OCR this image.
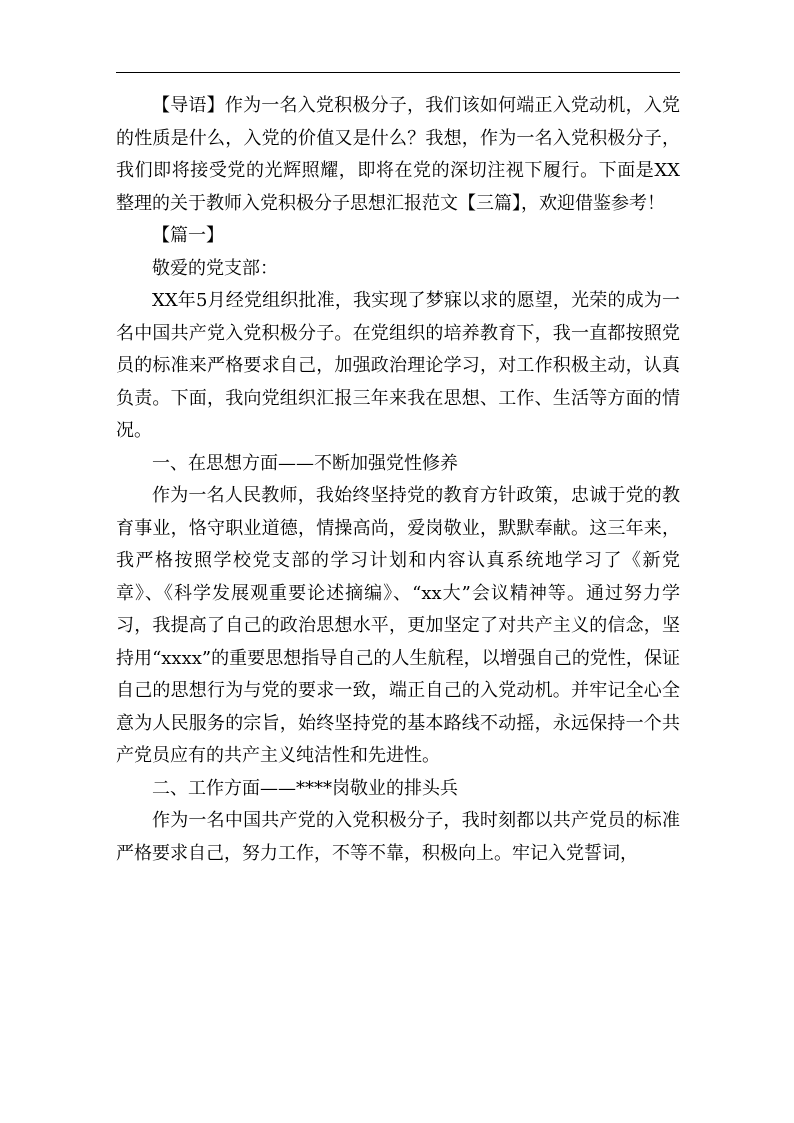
【导语】作为一名入党积极分子，我们该如何端正入党动机，入党的性质是什么，入党的价值又是什么？我想，作为一名入党积极分子，我们即将接受党的光辉照耀，即将在党的深切注视下履行。下面是XX整理的关于教师入党积极分子思想汇报范文【三篇】，欢迎借鉴参考！

【篇一】

敬爱的党支部：

XX年5月经党组织批准，我实现了梦寐以求的愿望，光荣的成为一名中国共产党入党积极分子。在党组织的培养教育下，我一直都按照党员的标准来严格要求自己，加强政治理论学习，对工作积极主动，认真负责。下面，我向党组织汇报三年来我在思想、工作、生活等方面的情况。

一、在思想方面——不断加强党性修养

作为一名人民教师，我始终坚持党的教育方针政策，忠诚于党的教育事业，恪守职业道德，情操高尚，爱岗敬业，默默奉献。这三年来，我严格按照学校党支部的学习计划和内容认真系统地学习了《新党章》、《科学发展观重要论述摘编》、“xx大”会议精神等。通过努力学习，我提高了自己的政治思想水平，更加坚定了对共产主义的信念，坚持用“xxxx”的重要思想指导自己的人生航程，以增强自己的党性，保证自己的思想行为与党的要求一致，端正自己的入党动机。并牢记全心全意为人民服务的宗旨，始终坚持党的基本路线不动摇，永远保持一个共产党员应有的共产主义纯洁性和先进性。

二、工作方面——****岗敬业的排头兵

作为一名中国共产党的入党积极分子，我时刻都以共产党员的标准严格要求自己，努力工作，不等不靠，积极向上。牢记入党誓词，
